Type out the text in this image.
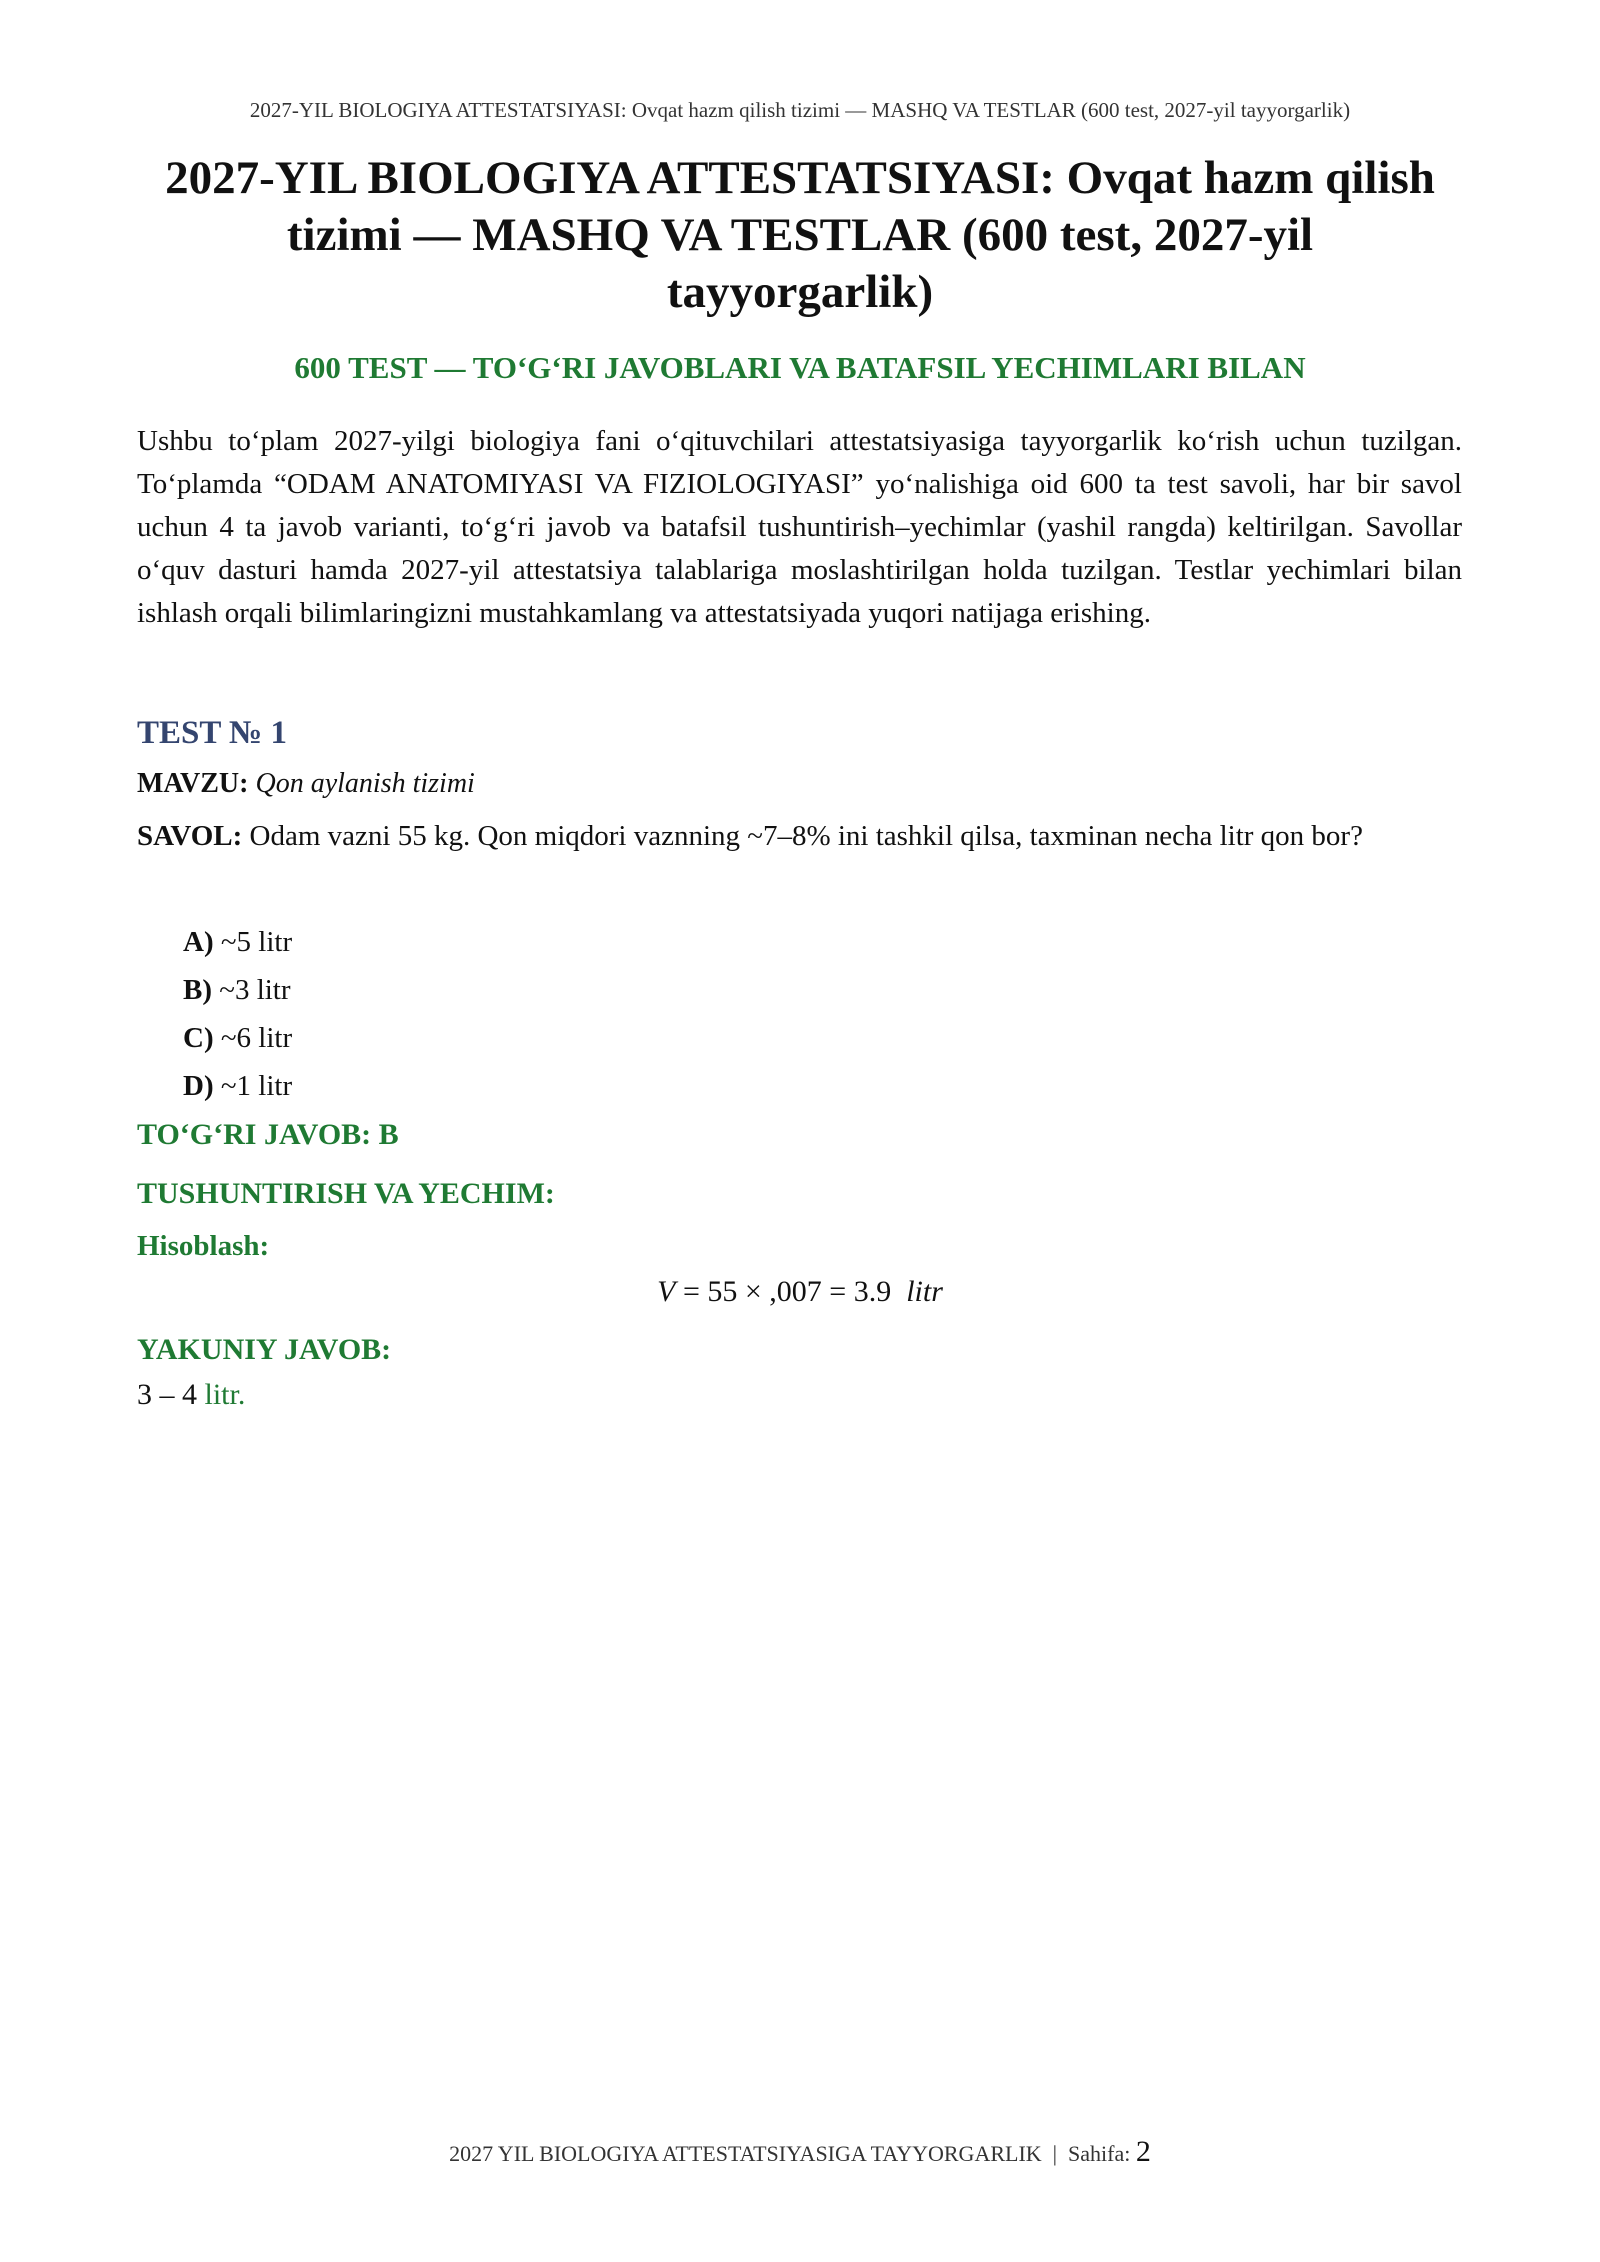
2027-YIL BIOLOGIYA ATTESTATSIYASI: Ovqat hazm qilish tizimi — MASHQ VA TESTLAR (600 test, 2027-yil tayyorgarlik)
2027-YIL BIOLOGIYA ATTESTATSIYASI: Ovqat hazm qilish tizimi — MASHQ VA TESTLAR (600 test, 2027-yil tayyorgarlik)
600 TEST — TO‘G‘RI JAVOBLARI VA BATAFSIL YECHIMLARI BILAN

Ushbu to‘plam 2027-yilgi biologiya fani o‘qituvchilari attestatsiyasiga tayyorgarlik ko‘rish uchun tuzilgan. To‘plamda “ODAM ANATOMIYASI VA FIZIOLOGIYASI” yo‘nalishiga oid 600 ta test savoli, har bir savol uchun 4 ta javob varianti, to‘g‘ri javob va batafsil tushuntirish–yechimlar (yashil rangda) keltirilgan. Savollar o‘quv dasturi hamda 2027-yil attestatsiya talablariga moslashtirilgan holda tuzilgan. Testlar yechimlari bilan ishlash orqali bilimlaringizni mustahkamlang va attestatsiyada yuqori natijaga erishing.

TEST № 1
MAVZU: Qon aylanish tizimi

SAVOL: Odam vazni 55 kg. Qon miqdori vaznning ~7–8% ini tashkil qilsa, taxminan necha litr qon bor?

A) ~5 litr
B) ~3 litr
C) ~6 litr
D) ~1 litr
TO‘G‘RI JAVOB: B
TUSHUNTIRISH VA YECHIM:
Hisoblash:
V = 55 × ,007 = 3.9  litr
YAKUNIY JAVOB:
3 – 4 litr.
2027 YIL BIOLOGIYA ATTESTATSIYASIGA TAYYORGARLIK  |  Sahifa: 2
